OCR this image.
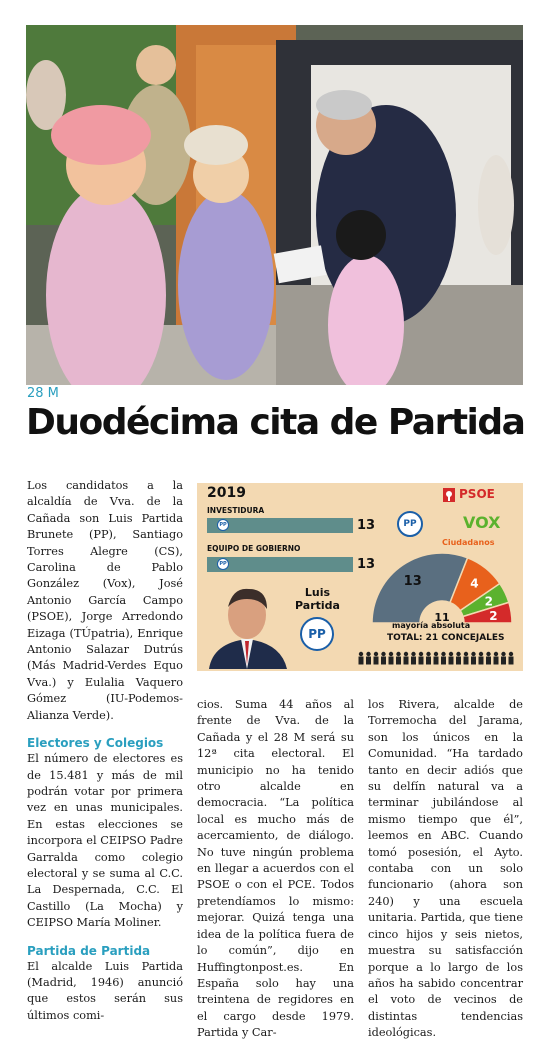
28 M
Duodécima cita de Partida

Los candidatos a la alcaldía de Vva. de la Cañada son Luis Partida Brunete (PP), Santiago Torres Alegre (CS), Carolina de Pablo González (Vox), José Antonio García Campo (PSOE), Jorge Arredondo Eizaga (TÚpatria), Enrique Antonio Salazar Dutrús (Más Madrid-Verdes Equo Vva.) y Eulalia Vaquero Gómez (IU-Podemos-Alianza Verde).

Electores y Colegios

El número de electores es de 15.481 y más de mil podrán votar por primera vez en unas municipales. En estas elecciones se incorpora el CEIPSO Padre Garralda como colegio electoral y se suma al C.C. La Despernada, C.C. El Castillo (La Mocha) y CEIPSO María Moliner.

Partida de Partida

El alcalde Luis Partida (Madrid, 1946) anunció que estos serán sus últimos comi-

cios. Suma 44 años al frente de Vva. de la Cañada y el 28 M será su 12ª cita electoral. El municipio no ha tenido otro alcalde en democracia. “La política local es mucho más de acercamiento, de diálogo. No tuve ningún problema en llegar a acuerdos con el PSOE o con el PCE. Todos pretendíamos lo mismo: mejorar. Quizá tenga una idea de la política fuera de lo común”, dijo en Huffingtonpost.es. En España solo hay una treintena de regidores en el cargo desde 1979. Partida y Car-

los Rivera, alcalde de Torremocha del Jarama, son los únicos en la Comunidad. “Ha tardado tanto en decir adiós que su delfín natural va a terminar jubilándose al mismo tiempo que él”, leemos en ABC. Cuando tomó posesión, el Ayto. contaba con un solo funcionario (ahora son 240) y una escuela unitaria. Partida, que tiene cinco hijos y seis nietos, muestra su satisfacción porque a lo largo de los años ha sabido concentrar el voto de vecinos de distintas tendencias ideológicas.

2019
INVESTIDURA
PP	13
EQUIPO DE GOBIERNO
PP	13
Luis
Partida
PP
PP
PSOE
VOX
Ciudadanos
13	4
2
2
11
mayoría absoluta
TOTAL: 21 CONCEJALES
